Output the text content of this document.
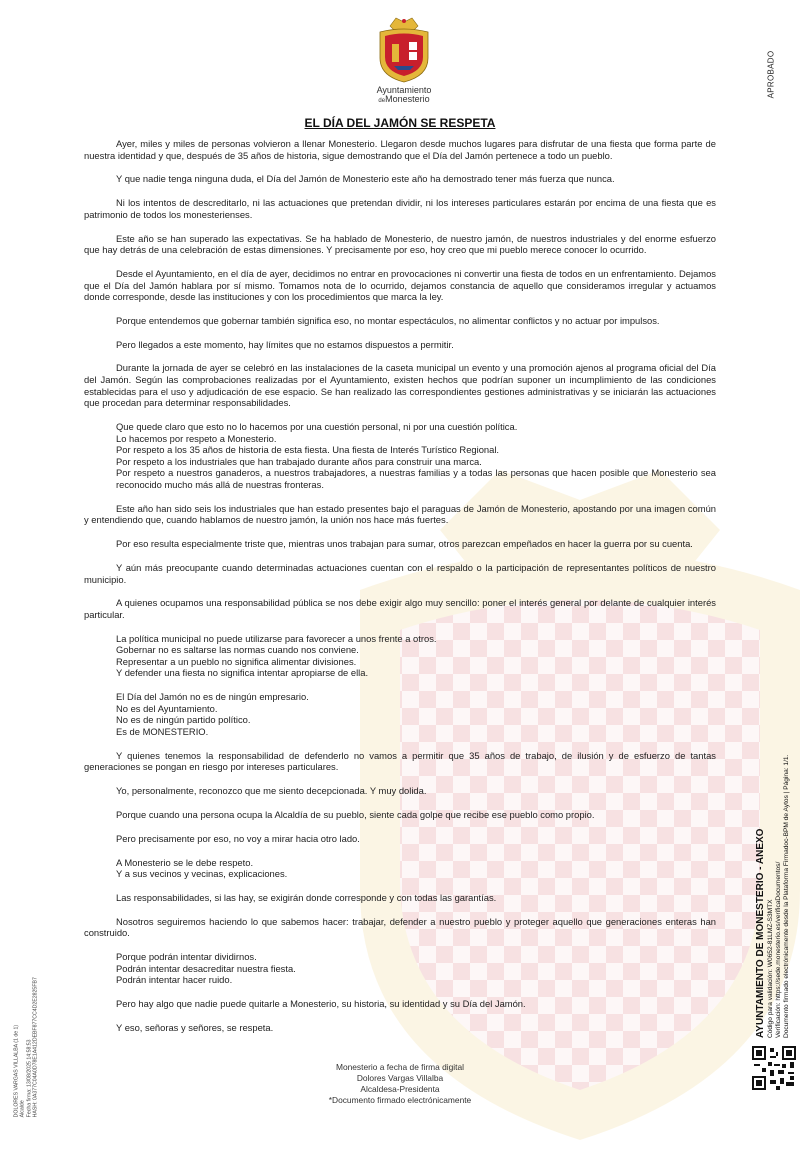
Ayuntamiento
deMonesterio
APROBADO
EL DÍA DEL JAMÓN SE RESPETA

Ayer, miles y miles de personas volvieron a llenar Monesterio. Llegaron desde muchos lugares para disfrutar de una fiesta que forma parte de nuestra identidad y que, después de 35 años de historia, sigue demostrando que el Día del Jamón pertenece a todo un pueblo.

Y que nadie tenga ninguna duda, el Día del Jamón de Monesterio este año ha demostrado tener más fuerza que nunca.

Ni los intentos de descreditarlo, ni las actuaciones que pretendan dividir, ni los intereses particulares estarán por encima de una fiesta que es patrimonio de todos los monesterienses.

Este año se han superado las expectativas. Se ha hablado de Monesterio, de nuestro jamón, de nuestros industriales y del enorme esfuerzo que hay detrás de una celebración de estas dimensiones. Y precisamente por eso, hoy creo que mi pueblo merece conocer lo ocurrido.

Desde el Ayuntamiento, en el día de ayer, decidimos no entrar en provocaciones ni convertir una fiesta de todos en un enfrentamiento. Dejamos que el Día del Jamón hablara por sí mismo. Tomamos nota de lo ocurrido, dejamos constancia de aquello que consideramos irregular y actuamos donde corresponde, desde las instituciones y con los procedimientos que marca la ley.

Porque entendemos que gobernar también significa eso, no montar espectáculos, no alimentar conflictos y no actuar por impulsos.

Pero llegados a este momento, hay límites que no estamos dispuestos a permitir.

Durante la jornada de ayer se celebró en las instalaciones de la caseta municipal un evento y una promoción ajenos al programa oficial del Día del Jamón. Según las comprobaciones realizadas por el Ayuntamiento, existen hechos que podrían suponer un incumplimiento de las condiciones establecidas para el uso y adjudicación de ese espacio. Se han realizado las correspondientes gestiones administrativas y se iniciarán las actuaciones que procedan para determinar responsabilidades.

Que quede claro que esto no lo hacemos por una cuestión personal, ni por una cuestión política.
Lo hacemos por respeto a Monesterio.
Por respeto a los 35 años de historia de esta fiesta. Una fiesta de Interés Turístico Regional.
Por respeto a los industriales que han trabajado durante años para construir una marca.
Por respeto a nuestros ganaderos, a nuestros trabajadores, a nuestras familias y a todas las personas que hacen posible que Monesterio sea reconocido mucho más allá de nuestras fronteras.

Este año han sido seis los industriales que han estado presentes bajo el paraguas de Jamón de Monesterio, apostando por una imagen común y entendiendo que, cuando hablamos de nuestro jamón, la unión nos hace más fuertes.

Por eso resulta especialmente triste que, mientras unos trabajan para sumar, otros parezcan empeñados en hacer la guerra por su cuenta.

Y aún más preocupante cuando determinadas actuaciones cuentan con el respaldo o la participación de representantes políticos de nuestro municipio.

A quienes ocupamos una responsabilidad pública se nos debe exigir algo muy sencillo: poner el interés general por delante de cualquier interés particular.

La política municipal no puede utilizarse para favorecer a unos frente a otros.
Gobernar no es saltarse las normas cuando nos conviene.
Representar a un pueblo no significa alimentar divisiones.
Y defender una fiesta no significa intentar apropiarse de ella.
El Día del Jamón no es de ningún empresario.
No es del Ayuntamiento.
No es de ningún partido político.
Es de MONESTERIO.

Y quienes tenemos la responsabilidad de defenderlo no vamos a permitir que 35 años de trabajo, de ilusión y de esfuerzo de tantas generaciones se pongan en riesgo por intereses particulares.

Yo, personalmente, reconozco que me siento decepcionada. Y muy dolida.

Porque cuando una persona ocupa la Alcaldía de su pueblo, siente cada golpe que recibe ese pueblo como propio.

Pero precisamente por eso, no voy a mirar hacia otro lado.

A Monesterio se le debe respeto.
Y a sus vecinos y vecinas, explicaciones.

Las responsabilidades, si las hay, se exigirán donde corresponde y con todas las garantías.

Nosotros seguiremos haciendo lo que sabemos hacer: trabajar, defender a nuestro pueblo y proteger aquello que generaciones enteras han construido.

Porque podrán intentar dividirnos.
Podrán intentar desacreditar nuestra fiesta.
Podrán intentar hacer ruido.

Pero hay algo que nadie puede quitarle a Monesterio, su historia, su identidad y su Día del Jamón.

Y eso, señoras y señores, se respeta.

Monesterio a fecha de firma digital
Dolores Vargas Villalba
Alcaldesa-Presidenta
*Documento firmado electrónicamente
DOLORES VARGAS VILLALBA (1 de 1) Alcalde Fecha firma: 13/08/2025 14:58:53 HASH: 0A377C04A0D78E1A412DEBF877CC4D2E2825FB7
AYUNTAMIENTO DE MONESTERIO - ANEXO Código para validación: W0652-81LMZ-S3MTX Verificación: https://sede.monesterio.es/verificaDocumentos/ Documento firmado electrónicamente desde la Plataforma Firmadoc-BPM de Aytos | Página: 1/1.
